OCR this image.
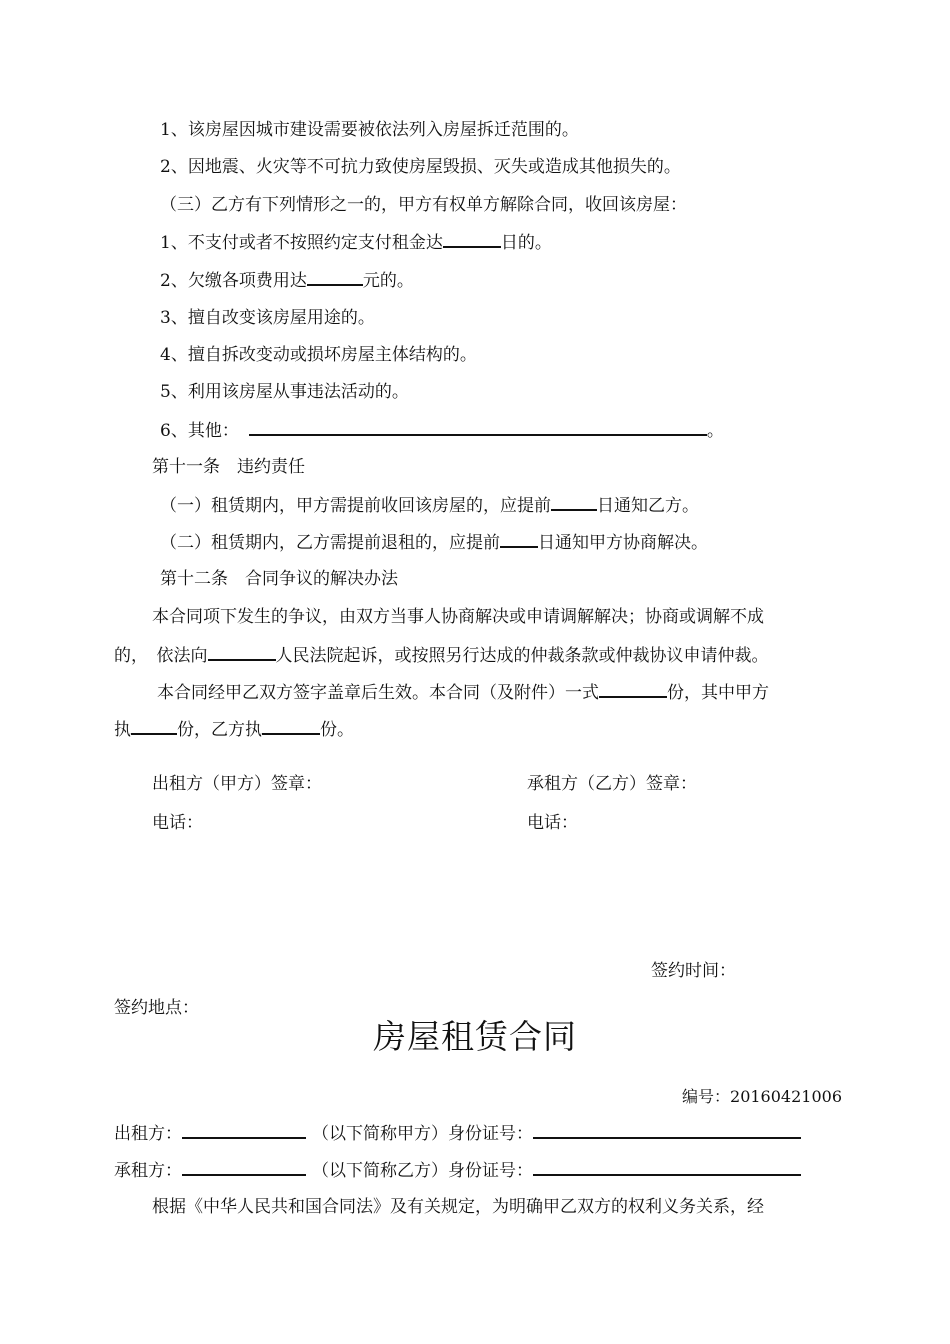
1、该房屋因城市建设需要被依法列入房屋拆迁范围的。
2、因地震、火灾等不可抗力致使房屋毁损、灭失或造成其他损失的。
（三）乙方有下列情形之一的，甲方有权单方解除合同，收回该房屋：
1、不支付或者不按照约定支付租金达	日的。
2、欠缴各项费用达	元的。
3、擅自改变该房屋用途的。
4、擅自拆改变动或损坏房屋主体结构的。
5、利用该房屋从事违法活动的。
6、其他：	。
第十一条　违约责任
（一）租赁期内，甲方需提前收回该房屋的，应提前	日通知乙方。
（二）租赁期内，乙方需提前退租的，应提前 日通知甲方协商解决。
第十二条　合同争议的解决办法
本合同项下发生的争议，由双方当事人协商解决或申请调解解决；协商或调解不成
的，　依法向	人民法院起诉，或按照另行达成的仲裁条款或仲裁协议申请仲裁。
本合同经甲乙双方签字盖章后生效。本合同（及附件）一式	份，其中甲方
执	份，乙方执	份。
出租方（甲方）签章：	承租方（乙方）签章：
电话：	电话：
签约时间：
签约地点：
房屋租赁合同
编号：20160421006
出租方：	（以下简称甲方）身份证号：
承租方：	（以下简称乙方）身份证号：
根据《中华人民共和国合同法》及有关规定，为明确甲乙双方的权利义务关系，经
